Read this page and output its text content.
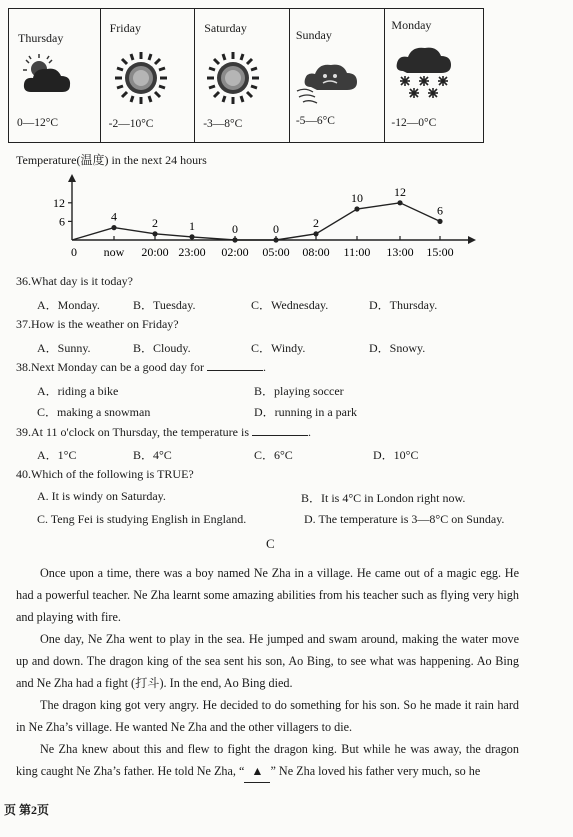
Thursday
0—12°C
Friday
-2—10°C
Saturday
-3—8°C
Sunday
-5—6°C
Monday
-12—0°C
Temperature(温度) in the next 24 hours
12
6
0
4
now
2
20:00
1
23:00
0
02:00
0
05:00
2
08:00
10
11:00
12
13:00
6
15:00
36.What day is it today?
A．Monday.	B．Tuesday.	C．Wednesday.	D．Thursday.
37.How is the weather on Friday?
A．Sunny.	B．Cloudy.	C．Windy.	D．Snowy.
38.Next Monday can be a good day for	.
A．riding a bike	B．playing soccer
C．making a snowman	D．running in a park
39.At 11 o'clock on Thursday, the temperature is	.
A．1°C	B．4°C	C．6°C	D．10°C
40.Which of the following is TRUE?
A. It is windy on Saturday.	B．It is 4°C in London right now.
C. Teng Fei is studying English in England.	D. The temperature is 3—8°C on Sunday.
C
Once upon a time, there was a boy named Ne Zha in a village. He came out of a magic egg. He had a powerful teacher. Ne Zha learnt some amazing abilities from his teacher such as flying very high and playing with fire.
One day, Ne Zha went to play in the sea. He jumped and swam around, making the water move up and down. The dragon king of the sea sent his son, Ao Bing, to see what was happening. Ao Bing and Ne Zha had a fight (打斗). In the end, Ao Bing died.
The dragon king got very angry. He decided to do something for his son. So he made it rain hard in Ne Zha’s village. He wanted Ne Zha and the other villagers to die.
Ne Zha knew about this and flew to fight the dragon king. But while he was away, the dragon king caught Ne Zha’s father. He told Ne Zha, “ ▲ ” Ne Zha loved his father very much, so he
页 第2页
